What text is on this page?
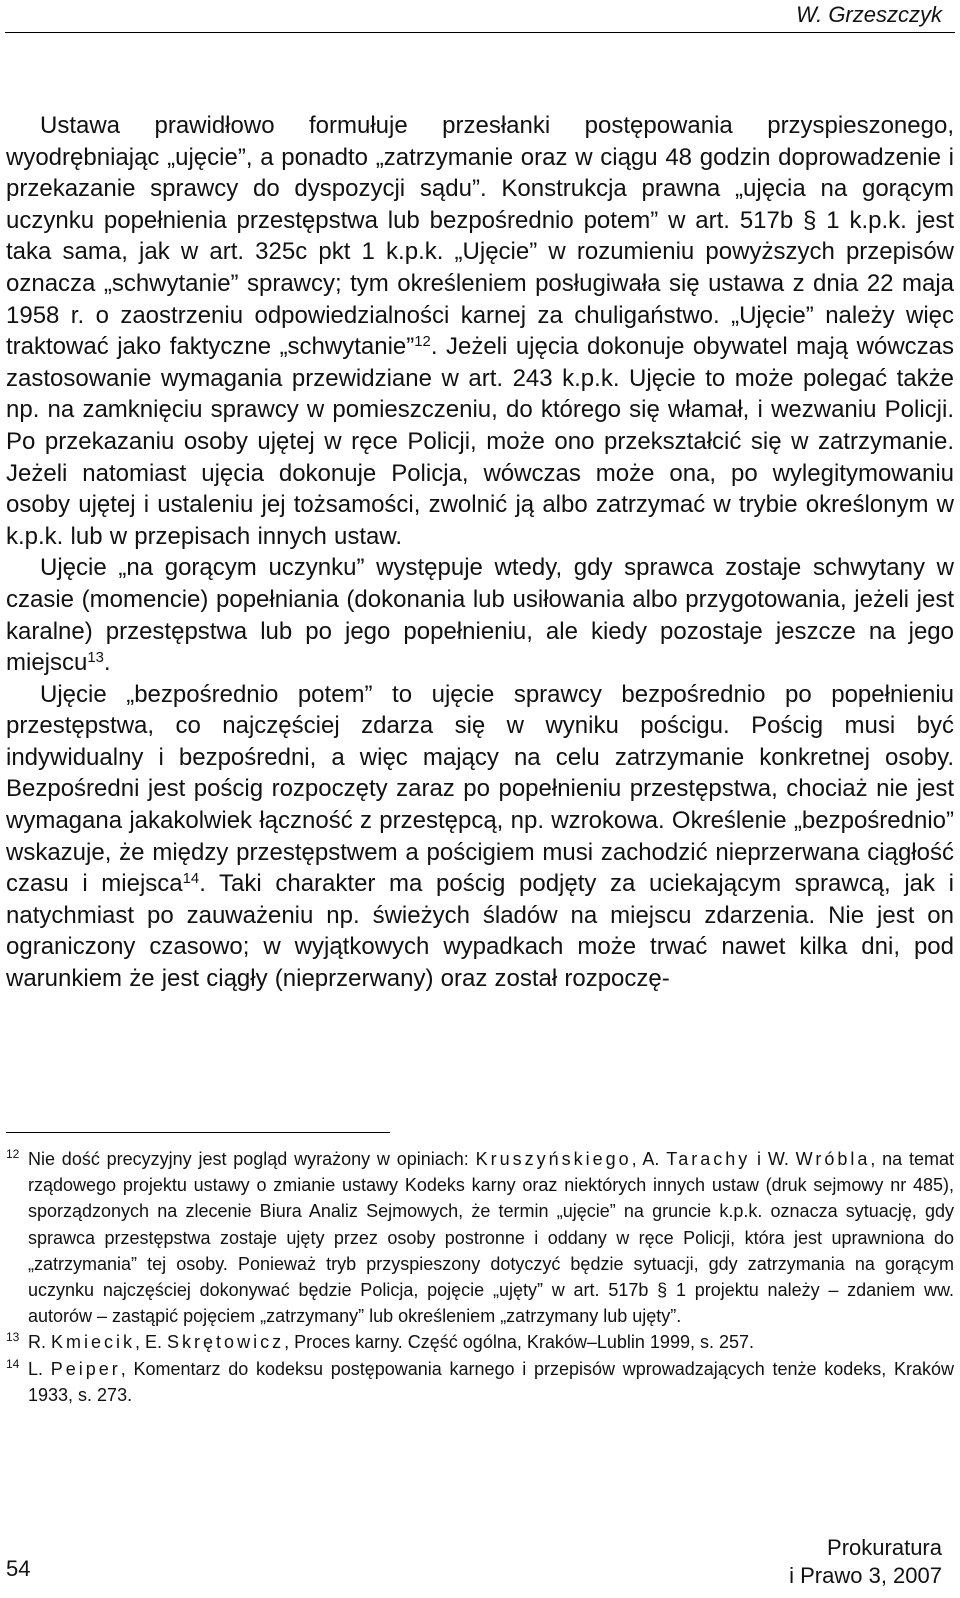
W. Grzeszczyk

Ustawa prawidłowo formułuje przesłanki postępowania przyspieszonego, wyodrębniając „ujęcie”, a ponadto „zatrzymanie oraz w ciągu 48 godzin doprowadzenie i przekazanie sprawcy do dyspozycji sądu”. Konstrukcja prawna „ujęcia na gorącym uczynku popełnienia przestępstwa lub bezpośrednio potem” w art. 517b § 1 k.p.k. jest taka sama, jak w art. 325c pkt 1 k.p.k. „Ujęcie” w rozumieniu powyższych przepisów oznacza „schwytanie” sprawcy; tym określeniem posługiwała się ustawa z dnia 22 maja 1958 r. o zaostrzeniu odpowiedzialności karnej za chuligaństwo. „Ujęcie” należy więc traktować jako faktyczne „schwytanie”$^{12}$. Jeżeli ujęcia dokonuje obywatel mają wówczas zastosowanie wymagania przewidziane w art. 243 k.p.k. Ujęcie to może polegać także np. na zamknięciu sprawcy w pomieszczeniu, do którego się włamał, i wezwaniu Policji. Po przekazaniu osoby ujętej w ręce Policji, może ono przekształcić się w zatrzymanie. Jeżeli natomiast ujęcia dokonuje Policja, wówczas może ona, po wylegitymowaniu osoby ujętej i ustaleniu jej tożsamości, zwolnić ją albo zatrzymać w trybie określonym w k.p.k. lub w przepisach innych ustaw.

Ujęcie „na gorącym uczynku” występuje wtedy, gdy sprawca zostaje schwytany w czasie (momencie) popełniania (dokonania lub usiłowania albo przygotowania, jeżeli jest karalne) przestępstwa lub po jego popełnieniu, ale kiedy pozostaje jeszcze na jego miejscu$^{13}$.

Ujęcie „bezpośrednio potem” to ujęcie sprawcy bezpośrednio po popełnieniu przestępstwa, co najczęściej zdarza się w wyniku pościgu. Pościg musi być indywidualny i bezpośredni, a więc mający na celu zatrzymanie konkretnej osoby. Bezpośredni jest pościg rozpoczęty zaraz po popełnieniu przestępstwa, chociaż nie jest wymagana jakakolwiek łączność z przestępcą, np. wzrokowa. Określenie „bezpośrednio” wskazuje, że między przestępstwem a pościgiem musi zachodzić nieprzerwana ciągłość czasu i miejsca$^{14}$. Taki charakter ma pościg podjęty za uciekającym sprawcą, jak i natychmiast po zauważeniu np. świeżych śladów na miejscu zdarzenia. Nie jest on ograniczony czasowo; w wyjątkowych wypadkach może trwać nawet kilka dni, pod warunkiem że jest ciągły (nieprzerwany) oraz został rozpoczę-

12 Nie dość precyzyjny jest pogląd wyrażony w opiniach: Kruszyńskiego, A. Tarachy i W. Wróbla, na temat rządowego projektu ustawy o zmianie ustawy Kodeks karny oraz niektórych innych ustaw (druk sejmowy nr 485), sporządzonych na zlecenie Biura Analiz Sejmowych, że termin „ujęcie” na gruncie k.p.k. oznacza sytuację, gdy sprawca przestępstwa zostaje ujęty przez osoby postronne i oddany w ręce Policji, która jest uprawniona do „zatrzymania” tej osoby. Ponieważ tryb przyspieszony dotyczyć będzie sytuacji, gdy zatrzymania na gorącym uczynku najczęściej dokonywać będzie Policja, pojęcie „ujęty” w art. 517b § 1 projektu należy – zdaniem ww. autorów – zastąpić pojęciem „zatrzymany” lub określeniem „zatrzymany lub ujęty”.
13 R. Kmiecik, E. Skrętowicz, Proces karny. Część ogólna, Kraków–Lublin 1999, s. 257.
14 L. Peiper, Komentarz do kodeksu postępowania karnego i przepisów wprowadzających tenże kodeks, Kraków 1933, s. 273.
54
Prokuratura
i Prawo 3, 2007
